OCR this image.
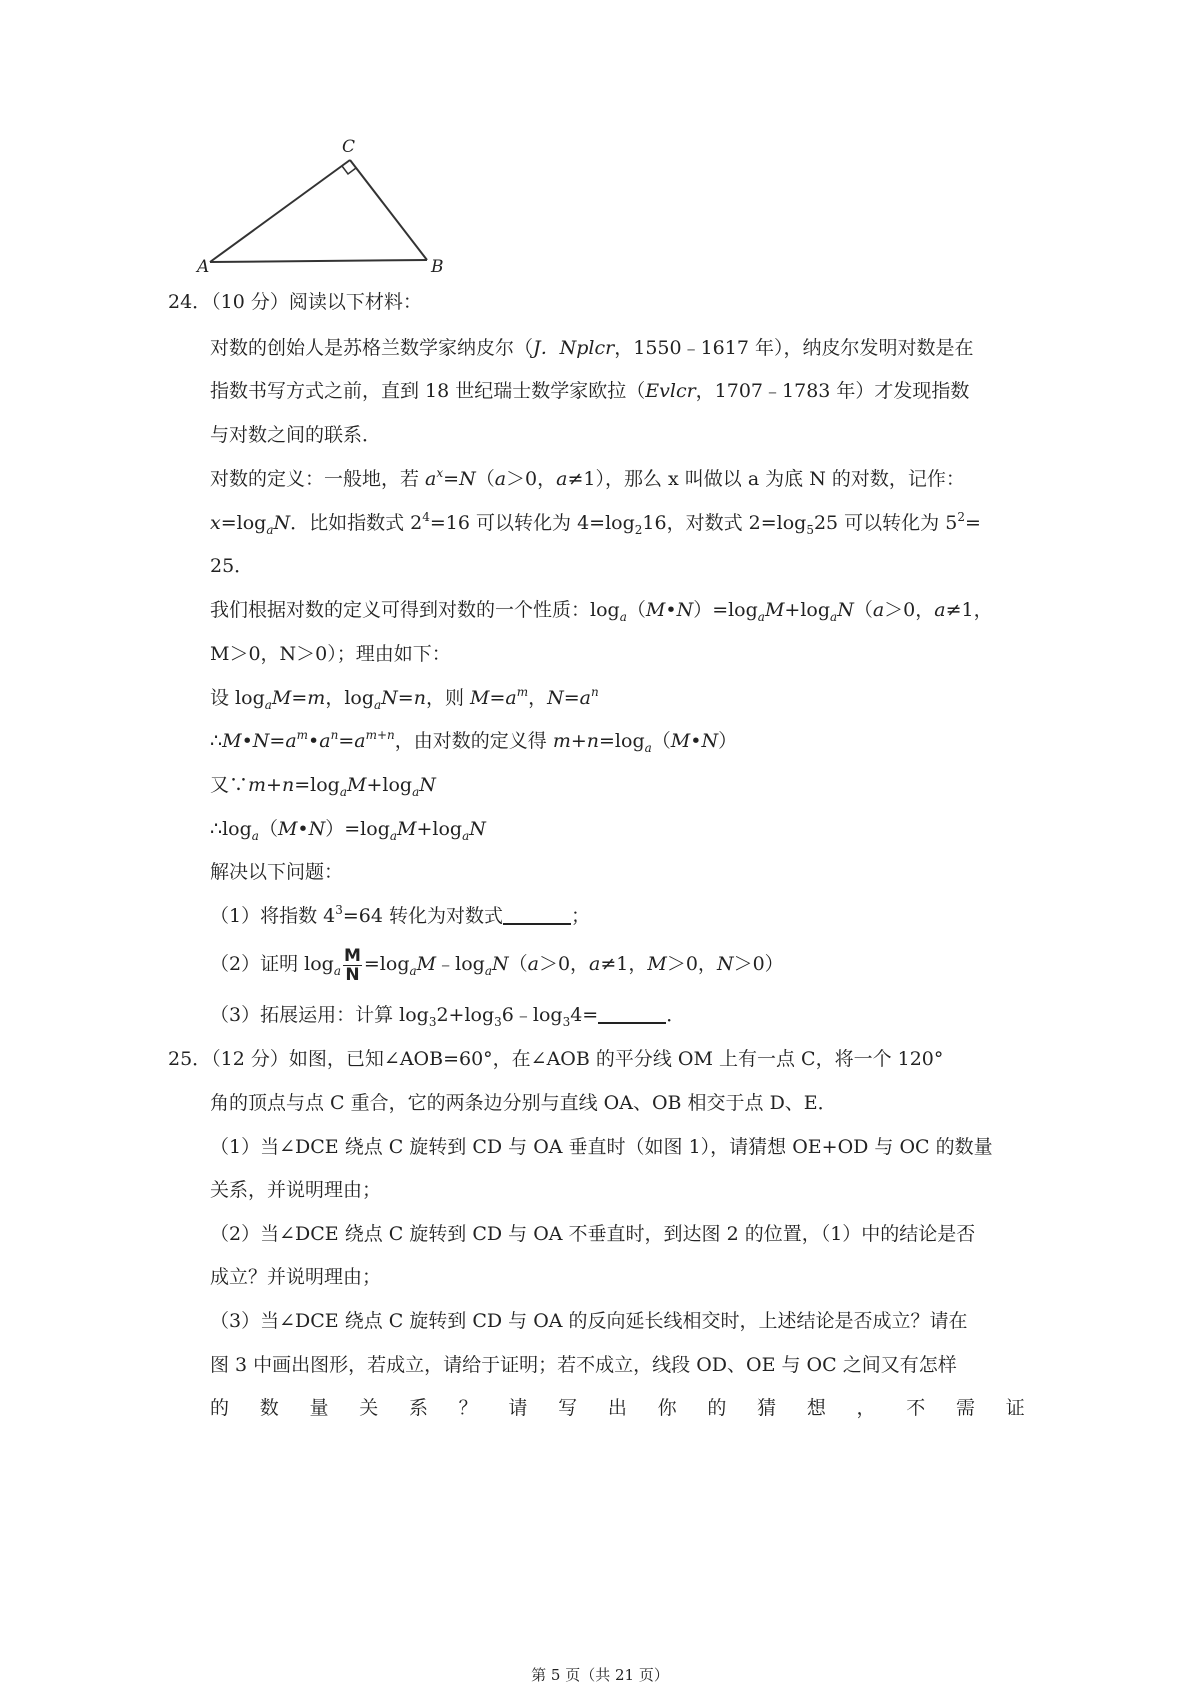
C
A	B
24．（10 分）阅读以下材料：
对数的创始人是苏格兰数学家纳皮尔（J．Nplcr，1550﹣1617 年），纳皮尔发明对数是在
指数书写方式之前，直到 18 世纪瑞士数学家欧拉（Evlcr，1707﹣1783 年）才发现指数
与对数之间的联系．
对数的定义：一般地，若 $a^x=N(a>0$，a≠1），那么 x 叫做以 a 为底 N 的对数，记作：
$x=\log_aN$．比如指数式 $2^4=16$ 可以转化为 $4=\log_216$，对数式 $2=\log_525$ 可以转化为 $5^2=$
25．
我们根据对数的定义可得到对数的一个性质：$\log_a(M•N)=\log_aM+\log_aN(a>0$，a≠1，
M＞0，N＞0）；理由如下：
设 $\log_aM=m$，$\log_aN=n$，则 $M=a^m$，$N=a^n$
$\therefore M•N=a^m•a^n=a^{m+n}$，由对数的定义得 $m+n=\log_a(M•N)$
又$\because m+n=\log_aM+\log_aN$
$\therefore\log_a(M•N)=\log_aM+\log_aN$
解决以下问题：
（1）将指数 $4^3=64$ 转化为对数式	；
（2）证明 $\log_a \frac{M}{N}$ $=\log_aM﹣\log_aN(a>0$，a≠1，M＞0，N＞0）
（3）拓展运用：计算 $\log_32+\log_36﹣\log_34=$	．
25．（12 分）如图，已知∠AOB=60°，在∠AOB 的平分线 OM 上有一点 C，将一个 120°
角的顶点与点 C 重合，它的两条边分别与直线 OA、OB 相交于点 D、E．
（1）当∠DCE 绕点 C 旋转到 CD 与 OA 垂直时（如图 1），请猜想 OE+OD 与 OC 的数量
关系，并说明理由；
（2）当∠DCE 绕点 C 旋转到 CD 与 OA 不垂直时，到达图 2 的位置，（1）中的结论是否
成立？并说明理由；
（3）当∠DCE 绕点 C 旋转到 CD 与 OA 的反向延长线相交时，上述结论是否成立？请在
图 3 中画出图形，若成立，请给于证明；若不成立，线段 OD、OE 与 OC 之间又有怎样
的 数 量 关 系 ？ 请 写 出 你 的 猜 想 ， 不 需 证
第 5 页（共 21 页）
